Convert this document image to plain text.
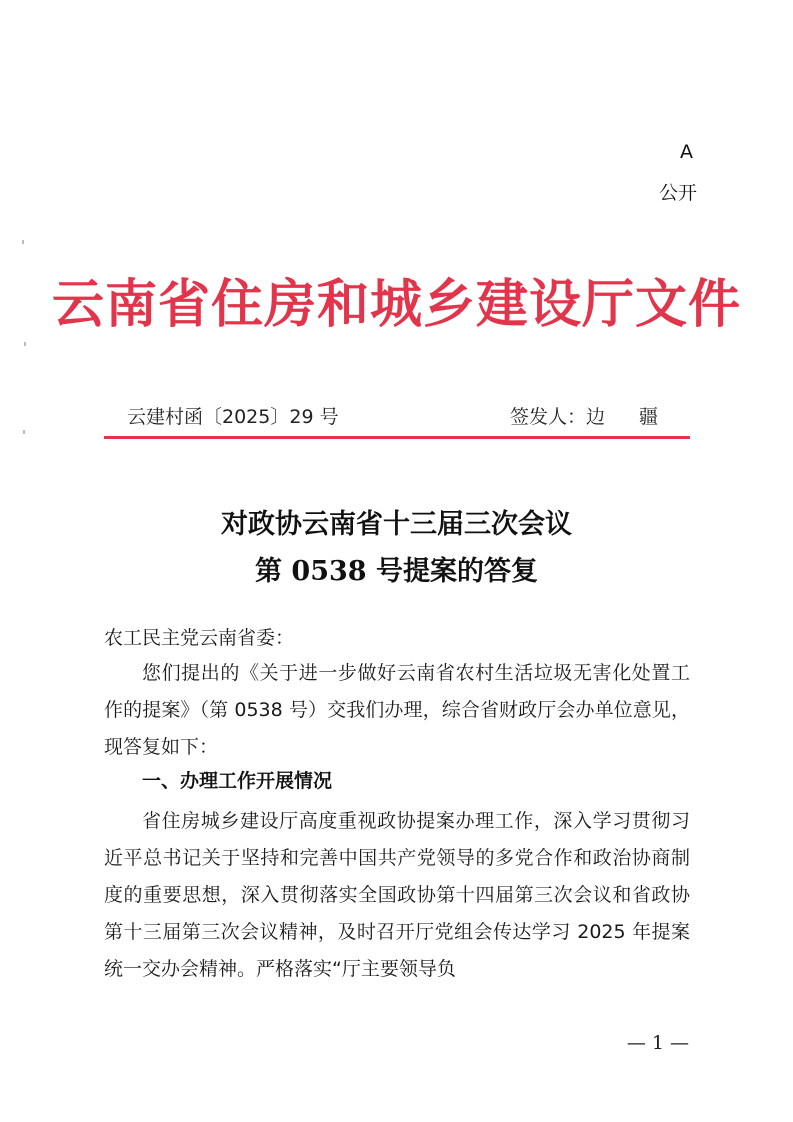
A
公开
云南省住房和城乡建设厅文件
云建村函〔2025〕29 号	签发人：边 疆
对政协云南省十三届三次会议
第 0538 号提案的答复
农工民主党云南省委：
您们提出的《关于进一步做好云南省农村生活垃圾无害化处置工作的提案》（第 0538 号）交我们办理，综合省财政厅会办单位意见，现答复如下：
一、办理工作开展情况
省住房城乡建设厅高度重视政协提案办理工作，深入学习贯彻习近平总书记关于坚持和完善中国共产党领导的多党合作和政治协商制度的重要思想，深入贯彻落实全国政协第十四届第三次会议和省政协第十三届第三次会议精神，及时召开厅党组会传达学习 2025 年提案统一交办会精神。严格落实“厅主要领导负
— 1 —
